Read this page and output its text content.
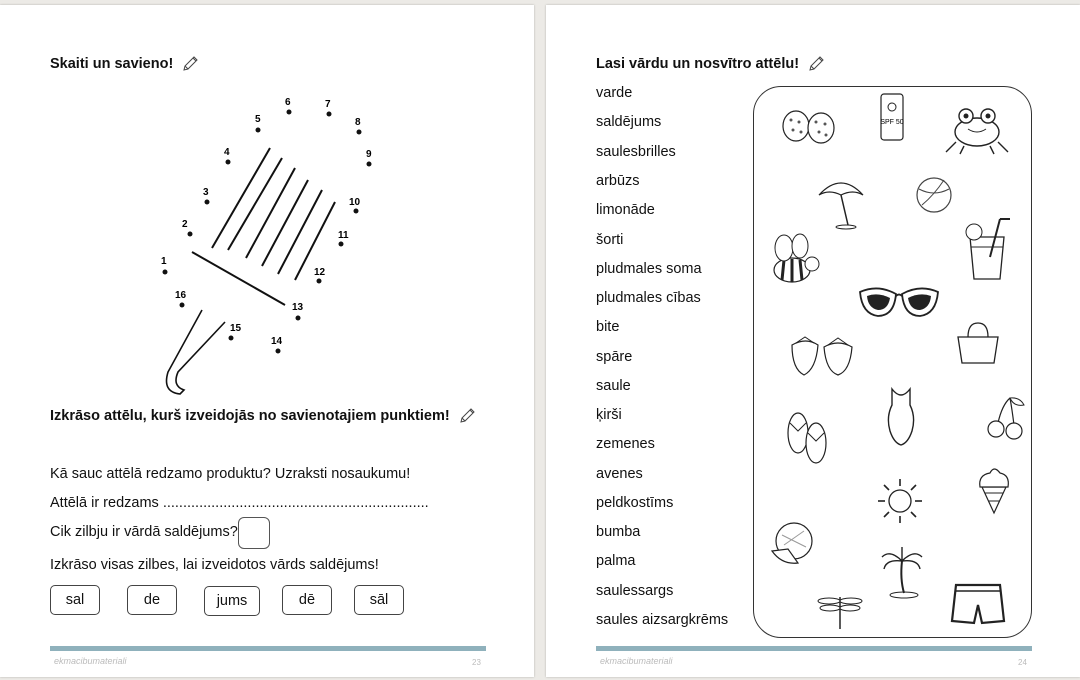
Skaiti un savieno!
1
2
3
4
5
6	7
8
9
10
11
12
13
14
15
16
Izkrāso attēlu, kurš izveidojās no savienotajiem punktiem!
Kā sauc attēlā redzamo produktu? Uzraksti nosaukumu!
Attēlā ir redzams ..................................................................
Cik zilbju ir vārdā saldējums?
Izkrāso visas zilbes, lai izveidotos vārds saldējums!
sal	de	jums	dē	sāl
ekmacibumateriali	23
Lasi vārdu un nosvītro attēlu!
varde
saldējums
saulesbrilles
arbūzs
limonāde
šorti
pludmales soma
pludmales cības
bite
spāre
saule
ķirši
zemenes
avenes
peldkostīms
bumba
palma
saulessargs
saules aizsargkrēms
SPF 50
ekmacibumateriali	24
